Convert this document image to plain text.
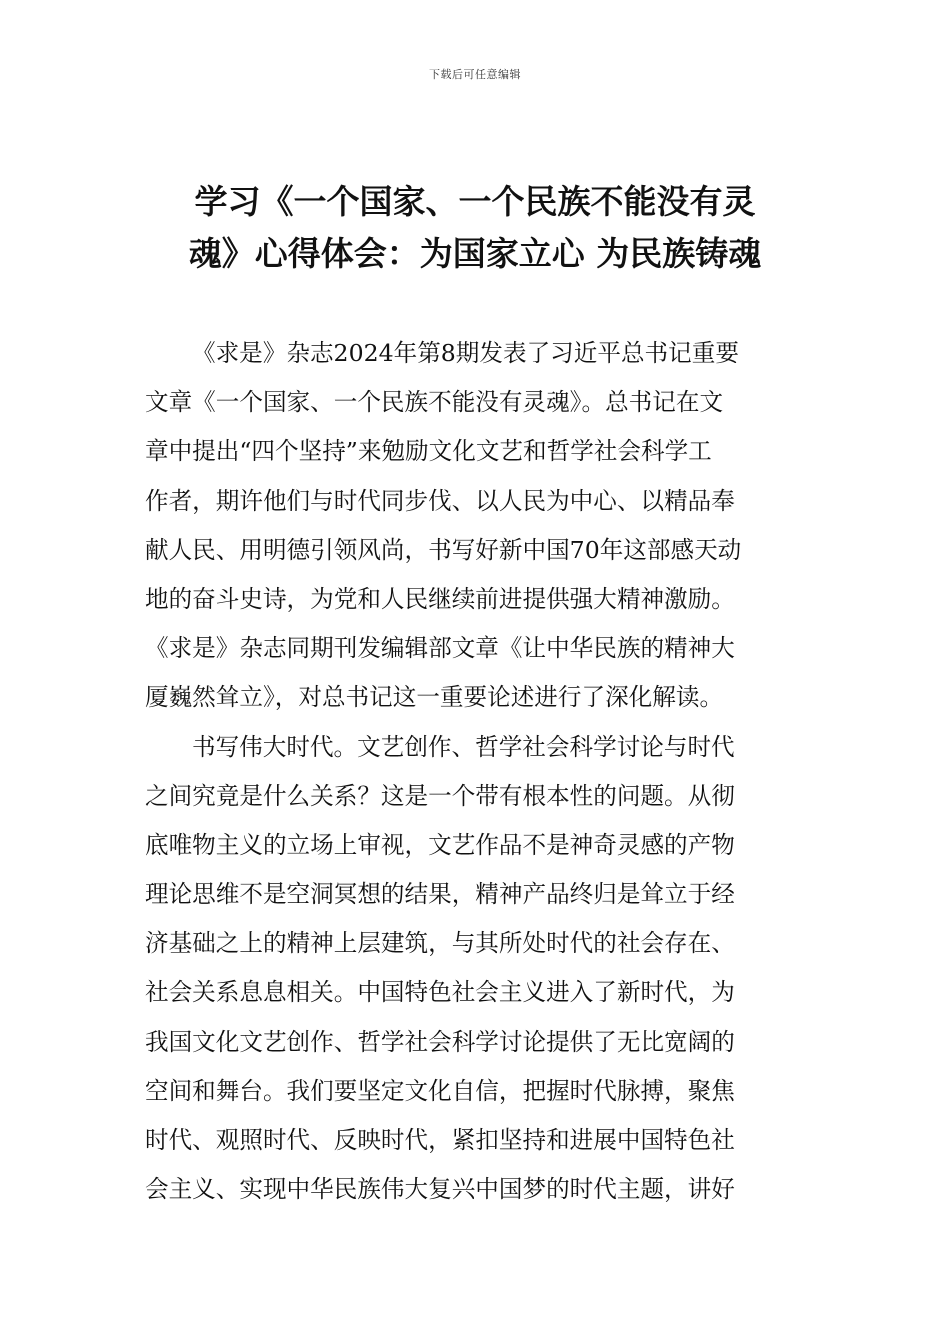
下载后可任意编辑
学习《一个国家、一个民族不能没有灵
魂》心得体会：为国家立心 为民族铸魂
《求是》杂志2024年第8期发表了习近平总书记重要
文章《一个国家、一个民族不能没有灵魂》。总书记在文
章中提出“四个坚持”来勉励文化文艺和哲学社会科学工
作者，期许他们与时代同步伐、以人民为中心、以精品奉
献人民、用明德引领风尚，书写好新中国70年这部感天动
地的奋斗史诗，为党和人民继续前进提供强大精神激励。
《求是》杂志同期刊发编辑部文章《让中华民族的精神大
厦巍然耸立》，对总书记这一重要论述进行了深化解读。
书写伟大时代。文艺创作、哲学社会科学讨论与时代
之间究竟是什么关系？这是一个带有根本性的问题。从彻
底唯物主义的立场上审视，文艺作品不是神奇灵感的产物
理论思维不是空洞冥想的结果，精神产品终归是耸立于经
济基础之上的精神上层建筑，与其所处时代的社会存在、
社会关系息息相关。中国特色社会主义进入了新时代，为
我国文化文艺创作、哲学社会科学讨论提供了无比宽阔的
空间和舞台。我们要坚定文化自信，把握时代脉搏，聚焦
时代、观照时代、反映时代，紧扣坚持和进展中国特色社
会主义、实现中华民族伟大复兴中国梦的时代主题，讲好
